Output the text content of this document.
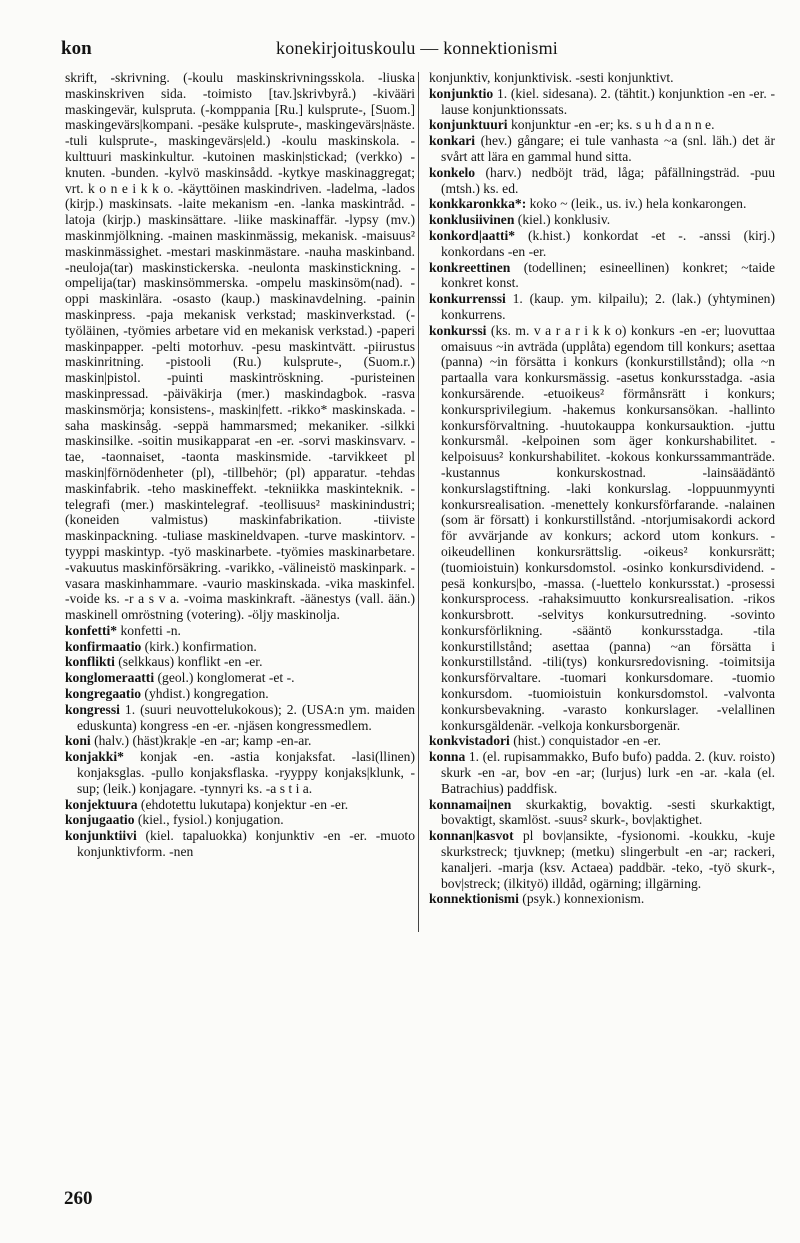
kon	konekirjoituskoulu — konnektionismi

skrift, -skrivning. (-koulu maskinskrivningsskola. -liuska maskinskriven sida. -toimisto [tav.]skrivbyrå.) -kivääri maskingevär, kulspruta. (-komppania [Ru.] kulsprute-, [Suom.] maskingevärs|kompani. -pesäke kulsprute-, maskingevärs|näste. -tuli kulsprute-, maskingevärs|eld.) -koulu maskinskola. -kulttuuri maskinkultur. -kutoinen maskin|stickad; (verkko) -knuten. -bunden. -kylvö maskinsådd. -kytkye maskinaggregat; vrt. k o n e i k k o. -käyttöinen maskindriven. -ladelma, -lados (kirjp.) maskinsats. -laite mekanism -en. -lanka maskintråd. -latoja (kirjp.) maskinsättare. -liike maskinaffär. -lypsy (mv.) maskinmjölkning. -mainen maskinmässig, mekanisk. -maisuus² maskinmässighet. -mestari maskinmästare. -nauha maskinband. -neuloja(tar) maskinstickerska. -neulonta maskinstickning. -ompelija(tar) maskinsömmerska. -ompelu maskinsöm(nad). -oppi maskinlära. -osasto (kaup.) maskinavdelning. -painin maskinpress. -paja mekanisk verkstad; maskinverkstad. (-työläinen, -työmies arbetare vid en mekanisk verkstad.) -paperi maskinpapper. -pelti motorhuv. -pesu maskintvätt. -piirustus maskinritning. -pistooli (Ru.) kulsprute-, (Suom.r.) maskin|pistol. -puinti maskintröskning. -puristeinen maskinpressad. -päiväkirja (mer.) maskindagbok. -rasva maskinsmörja; konsistens-, maskin|fett. -rikko* maskinskada. -saha maskinsåg. -seppä hammarsmed; mekaniker. -silkki maskinsilke. -soitin musikapparat -en -er. -sorvi maskinsvarv. -tae, -taonnaiset, -taonta maskinsmide. -tarvikkeet pl maskin|förnödenheter (pl), -tillbehör; (pl) apparatur. -tehdas maskinfabrik. -teho maskineffekt. -tekniikka maskinteknik. -telegrafi (mer.) maskintelegraf. -teollisuus² maskinindustri; (koneiden valmistus) maskinfabrikation. -tiiviste maskinpackning. -tuliase maskineldvapen. -turve maskintorv. -tyyppi maskintyp. -työ maskinarbete. -työmies maskinarbetare. -vakuutus maskinförsäkring. -varikko, -välineistö maskinpark. -vasara maskinhammare. -vaurio maskinskada. -vika maskinfel. -voide ks. -r a s v a. -voima maskinkraft. -äänestys (vall. ään.) maskinell omröstning (votering). -öljy maskinolja.

konfetti* konfetti -n.

konfirmaatio (kirk.) konfirmation.

konflikti (selkkaus) konflikt -en -er.

konglomeraatti (geol.) konglomerat -et -.

kongregaatio (yhdist.) kongregation.

kongressi 1. (suuri neuvottelukokous); 2. (USA:n ym. maiden eduskunta) kongress -en -er. -njäsen kongressmedlem.

koni (halv.) (häst)krak|e -en -ar; kamp -en-ar.

konjakki* konjak -en. -astia konjaksfat. -lasi(llinen) konjaksglas. -pullo konjaksflaska. -ryyppy konjaks|klunk, -sup; (leik.) konjagare. -tynnyri ks. -a s t i a.

konjektuura (ehdotettu lukutapa) konjektur -en -er.

konjugaatio (kiel., fysiol.) konjugation.

konjunktiivi (kiel. tapaluokka) konjunktiv -en -er. -muoto konjunktivform. -nen

konjunktiv, konjunktivisk. -sesti konjunktivt.

konjunktio 1. (kiel. sidesana). 2. (tähtit.) konjunktion -en -er. -lause konjunktionssats.

konjunktuuri konjunktur -en -er; ks. s u h d a n n e.

konkari (hev.) gångare; ei tule vanhasta ~a (snl. läh.) det är svårt att lära en gammal hund sitta.

konkelo (harv.) nedböjt träd, låga; påfällningsträd. -puu (mtsh.) ks. ed.

konkkaronkka*: koko ~ (leik., us. iv.) hela konkarongen.

konklusiivinen (kiel.) konklusiv.

konkord|aatti* (k.hist.) konkordat -et -. -anssi (kirj.) konkordans -en -er.

konkreettinen (todellinen; esineellinen) konkret; ~taide konkret konst.

konkurrenssi 1. (kaup. ym. kilpailu); 2. (lak.) (yhtyminen) konkurrens.

konkurssi (ks. m. v a r a r i k k o) konkurs -en -er; luovuttaa omaisuus ~in avträda (upplåta) egendom till konkurs; asettaa (panna) ~in försätta i konkurs (konkurstillstånd); olla ~n partaalla vara konkursmässig. -asetus konkursstadga. -asia konkursärende. -etuoikeus² förmånsrätt i konkurs; konkursprivilegium. -hakemus konkursansökan. -hallinto konkursförvaltning. -huutokauppa konkursauktion. -juttu konkursmål. -kelpoinen som äger konkurshabilitet. -kelpoisuus² konkurshabilitet. -kokous konkurssammanträde. -kustannus konkurskostnad. -lainsäädäntö konkurslagstiftning. -laki konkurslag. -loppuunmyynti konkursrealisation. -menettely konkursförfarande. -nalainen (som är försatt) i konkurstillstånd. -ntorjumisakordi ackord för avvärjande av konkurs; ackord utom konkurs. -oikeudellinen konkursrättslig. -oikeus² konkursrätt; (tuomioistuin) konkursdomstol. -osinko konkursdividend. -pesä konkurs|bo, -massa. (-luettelo konkursstat.) -prosessi konkursprocess. -rahaksimuutto konkursrealisation. -rikos konkursbrott. -selvitys konkursutredning. -sovinto konkursförlikning. -sääntö konkursstadga. -tila konkurstillstånd; asettaa (panna) ~an försätta i konkurstillstånd. -tili(tys) konkursredovisning. -toimitsija konkursförvaltare. -tuomari konkursdomare. -tuomio konkursdom. -tuomioistuin konkursdomstol. -valvonta konkursbevakning. -varasto konkurslager. -velallinen konkursgäldenär. -velkoja konkursborgenär.

konkvistadori (hist.) conquistador -en -er.

konna 1. (el. rupisammakko, Bufo bufo) padda. 2. (kuv. roisto) skurk -en -ar, bov -en -ar; (lurjus) lurk -en -ar. -kala (el. Batrachius) paddfisk.

konnamai|nen skurkaktig, bovaktig. -sesti skurkaktigt, bovaktigt, skamlöst. -suus² skurk-, bov|aktighet.

konnan|kasvot pl bov|ansikte, -fysionomi. -koukku, -kuje skurkstreck; tjuvknep; (metku) slingerbult -en -ar; rackeri, kanaljeri. -marja (ksv. Actaea) paddbär. -teko, -työ skurk-, bov|streck; (ilkityö) illdåd, ogärning; illgärning.

konnektionismi (psyk.) konnexionism.

260
